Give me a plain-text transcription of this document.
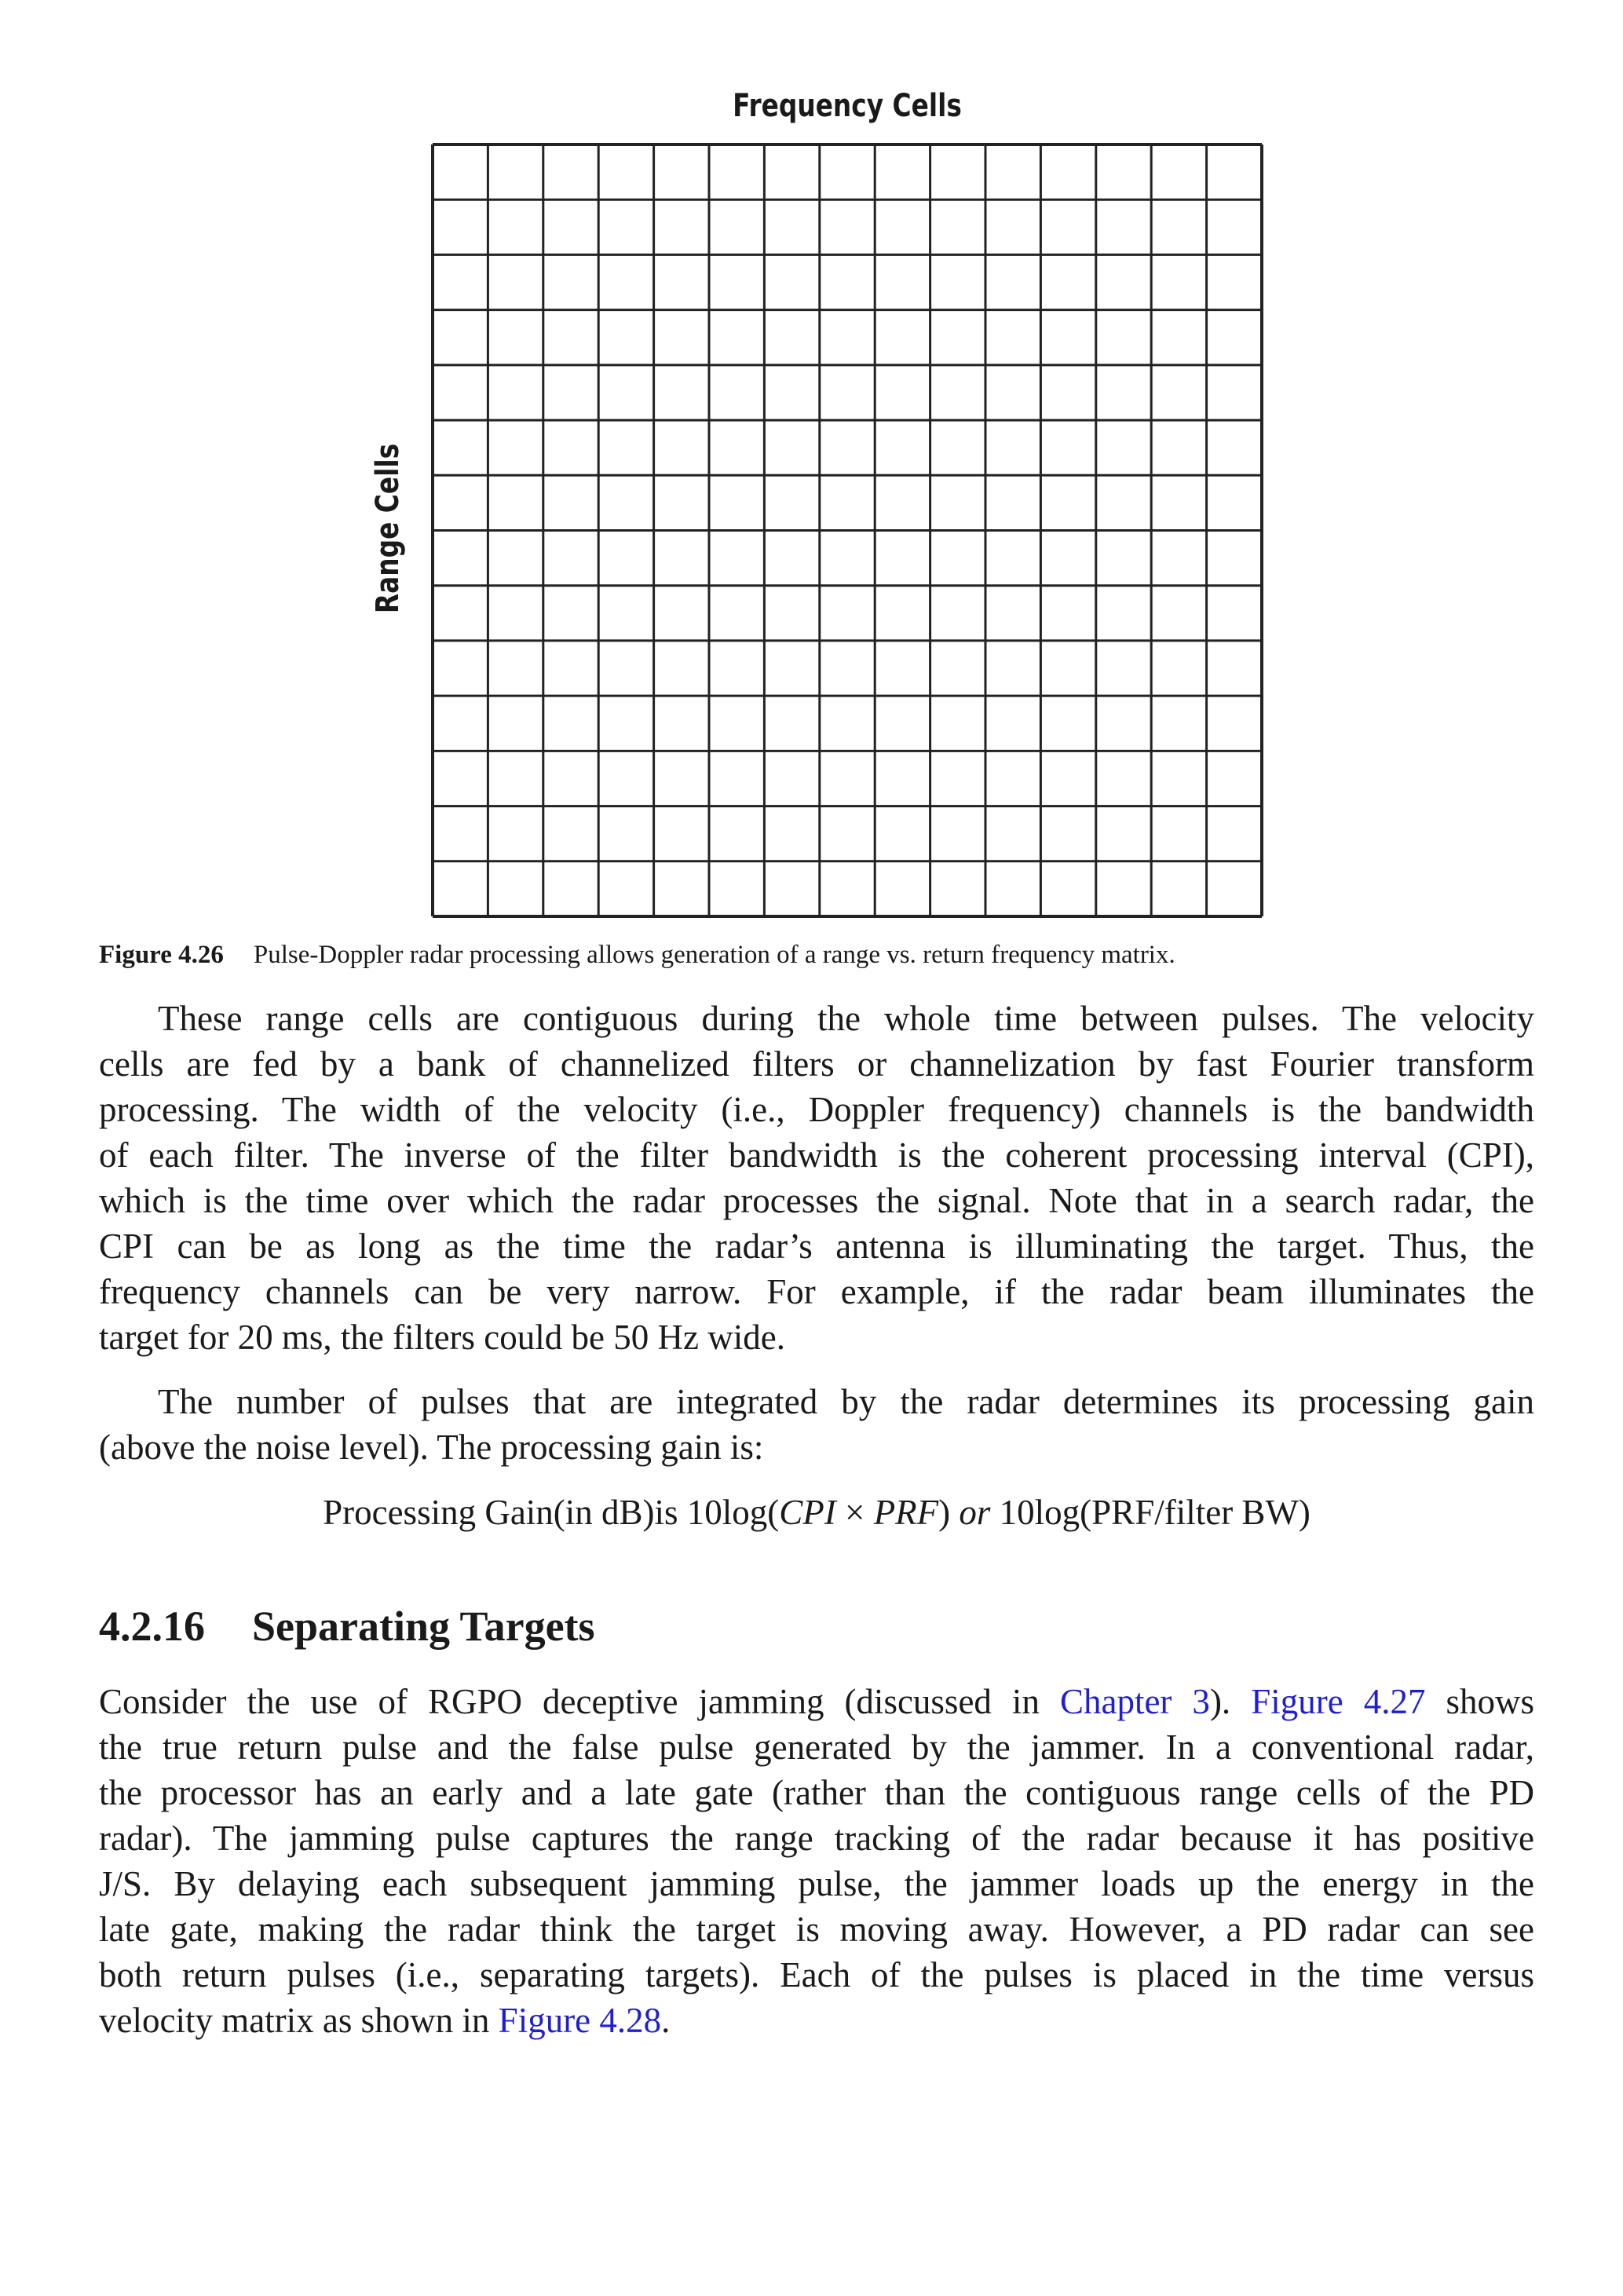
Frequency Cells
Range Cells
Figure 4.26 Pulse-Doppler radar processing allows generation of a range vs. return frequency matrix.
These range cells are contiguous during the whole time between pulses. The velocity
cells are fed by a bank of channelized filters or channelization by fast Fourier transform
processing. The width of the velocity (i.e., Doppler frequency) channels is the bandwidth
of each filter. The inverse of the filter bandwidth is the coherent processing interval (CPI),
which is the time over which the radar processes the signal. Note that in a search radar, the
CPI can be as long as the time the radar’s antenna is illuminating the target. Thus, the
frequency channels can be very narrow. For example, if the radar beam illuminates the
target for 20 ms, the filters could be 50 Hz wide.
The number of pulses that are integrated by the radar determines its processing gain
(above the noise level). The processing gain is:
Processing Gain(in dB)is 10log(CPI × PRF) or 10log(PRF/filter BW)
4.2.16 Separating Targets
Consider the use of RGPO deceptive jamming (discussed in Chapter 3). Figure 4.27 shows
the true return pulse and the false pulse generated by the jammer. In a conventional radar,
the processor has an early and a late gate (rather than the contiguous range cells of the PD
radar). The jamming pulse captures the range tracking of the radar because it has positive
J/S. By delaying each subsequent jamming pulse, the jammer loads up the energy in the
late gate, making the radar think the target is moving away. However, a PD radar can see
both return pulses (i.e., separating targets). Each of the pulses is placed in the time versus
velocity matrix as shown in Figure 4.28.
